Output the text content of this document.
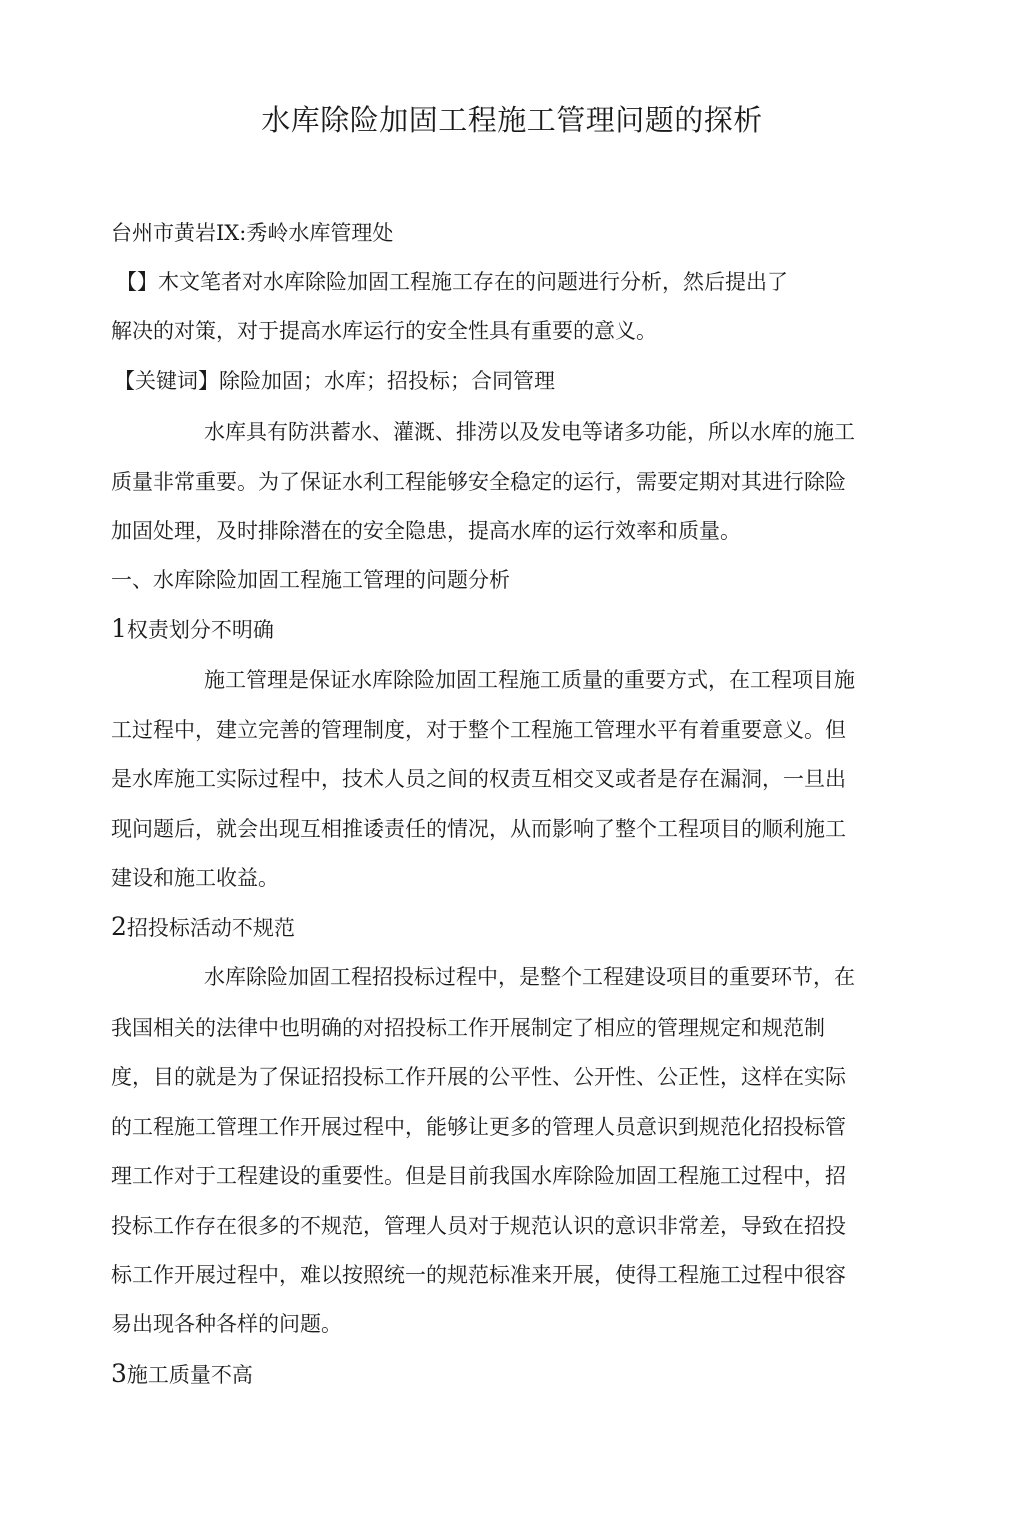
水库除险加固工程施工管理问题的探析
台州市黄岩IX:秀岭水库管理处
【】木文笔者对水库除险加固工程施工存在的问题进行分析，然后提出了
解决的对策，对于提高水库运行的安全性具有重要的意义。
【关键词】除险加固；水库；招投标；合同管理
水库具有防洪蓄水、灌溉、排涝以及发电等诸多功能，所以水库的施工
质量非常重要。为了保证水利工程能够安全稳定的运行，需要定期对其进行除险
加固处理，及时排除潜在的安全隐患，提高水库的运行效率和质量。
一、水库除险加固工程施工管理的问题分析
1权责划分不明确
施工管理是保证水库除险加固工程施工质量的重要方式，在工程项目施
工过程中，建立完善的管理制度，对于整个工程施工管理水平有着重要意义。但
是水库施工实际过程中，技术人员之间的权责互相交叉或者是存在漏洞，一旦出
现问题后，就会出现互相推诿责任的情况，从而影响了整个工程项目的顺利施工
建设和施工收益。
2招投标活动不规范
水库除险加固工程招投标过程中，是整个工程建设项目的重要环节，在
我国相关的法律中也明确的对招投标工作开展制定了相应的管理规定和规范制
度，目的就是为了保证招投标工作幵展的公平性、公开性、公正性，这样在实际
的工程施工管理工作开展过程中，能够让更多的管理人员意识到规范化招投标管
理工作对于工程建设的重要性。但是目前我国水库除险加固工程施工过程中，招
投标工作存在很多的不规范，管理人员对于规范认识的意识非常差，导致在招投
标工作开展过程中，难以按照统一的规范标准来开展，使得工程施工过程中很容
易出现各种各样的问题。
3施工质量不高
